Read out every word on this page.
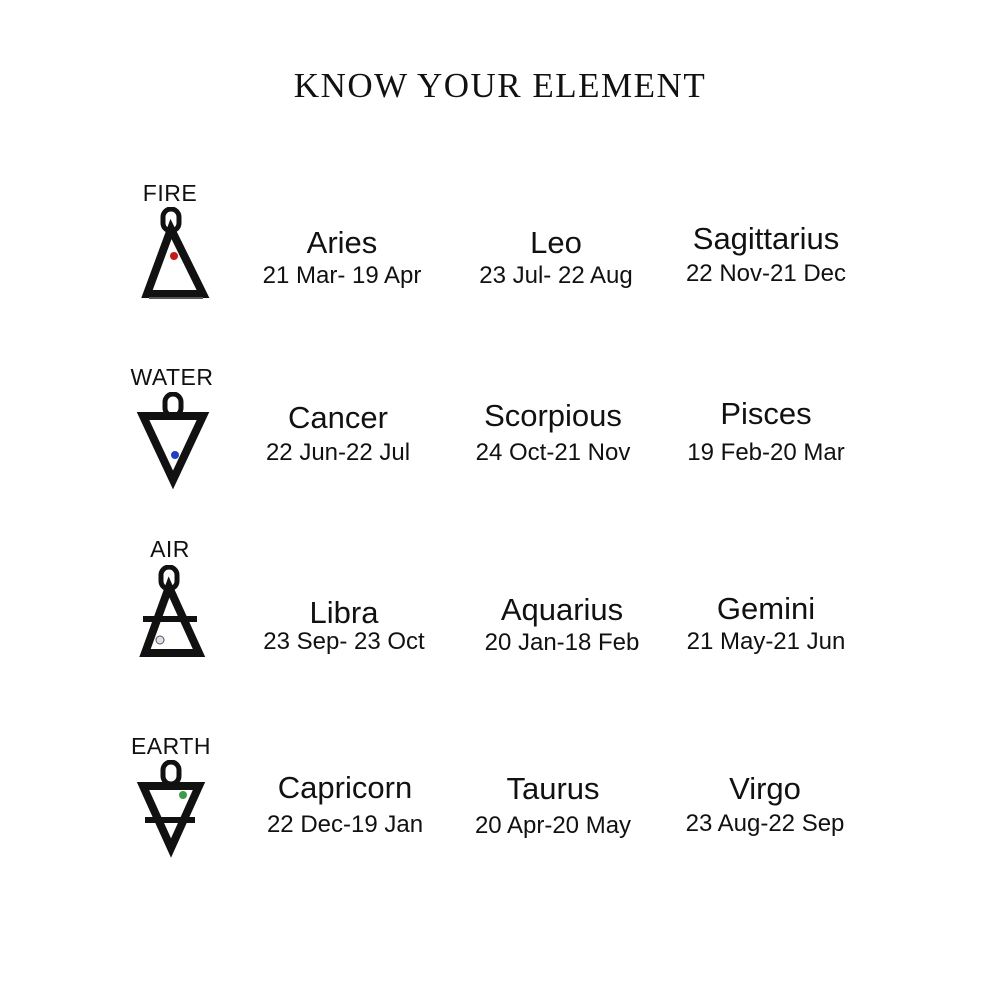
KNOW YOUR ELEMENT
FIRE
Aries
21 Mar- 19 Apr
Leo
23 Jul- 22 Aug
Sagittarius
22 Nov-21 Dec
WATER
Cancer
22 Jun-22 Jul
Scorpious
24 Oct-21 Nov
Pisces
19 Feb-20 Mar
AIR
Libra
23 Sep- 23 Oct
Aquarius
20 Jan-18 Feb
Gemini
21 May-21 Jun
EARTH
Capricorn
22 Dec-19 Jan
Taurus
20 Apr-20 May
Virgo
23 Aug-22 Sep
